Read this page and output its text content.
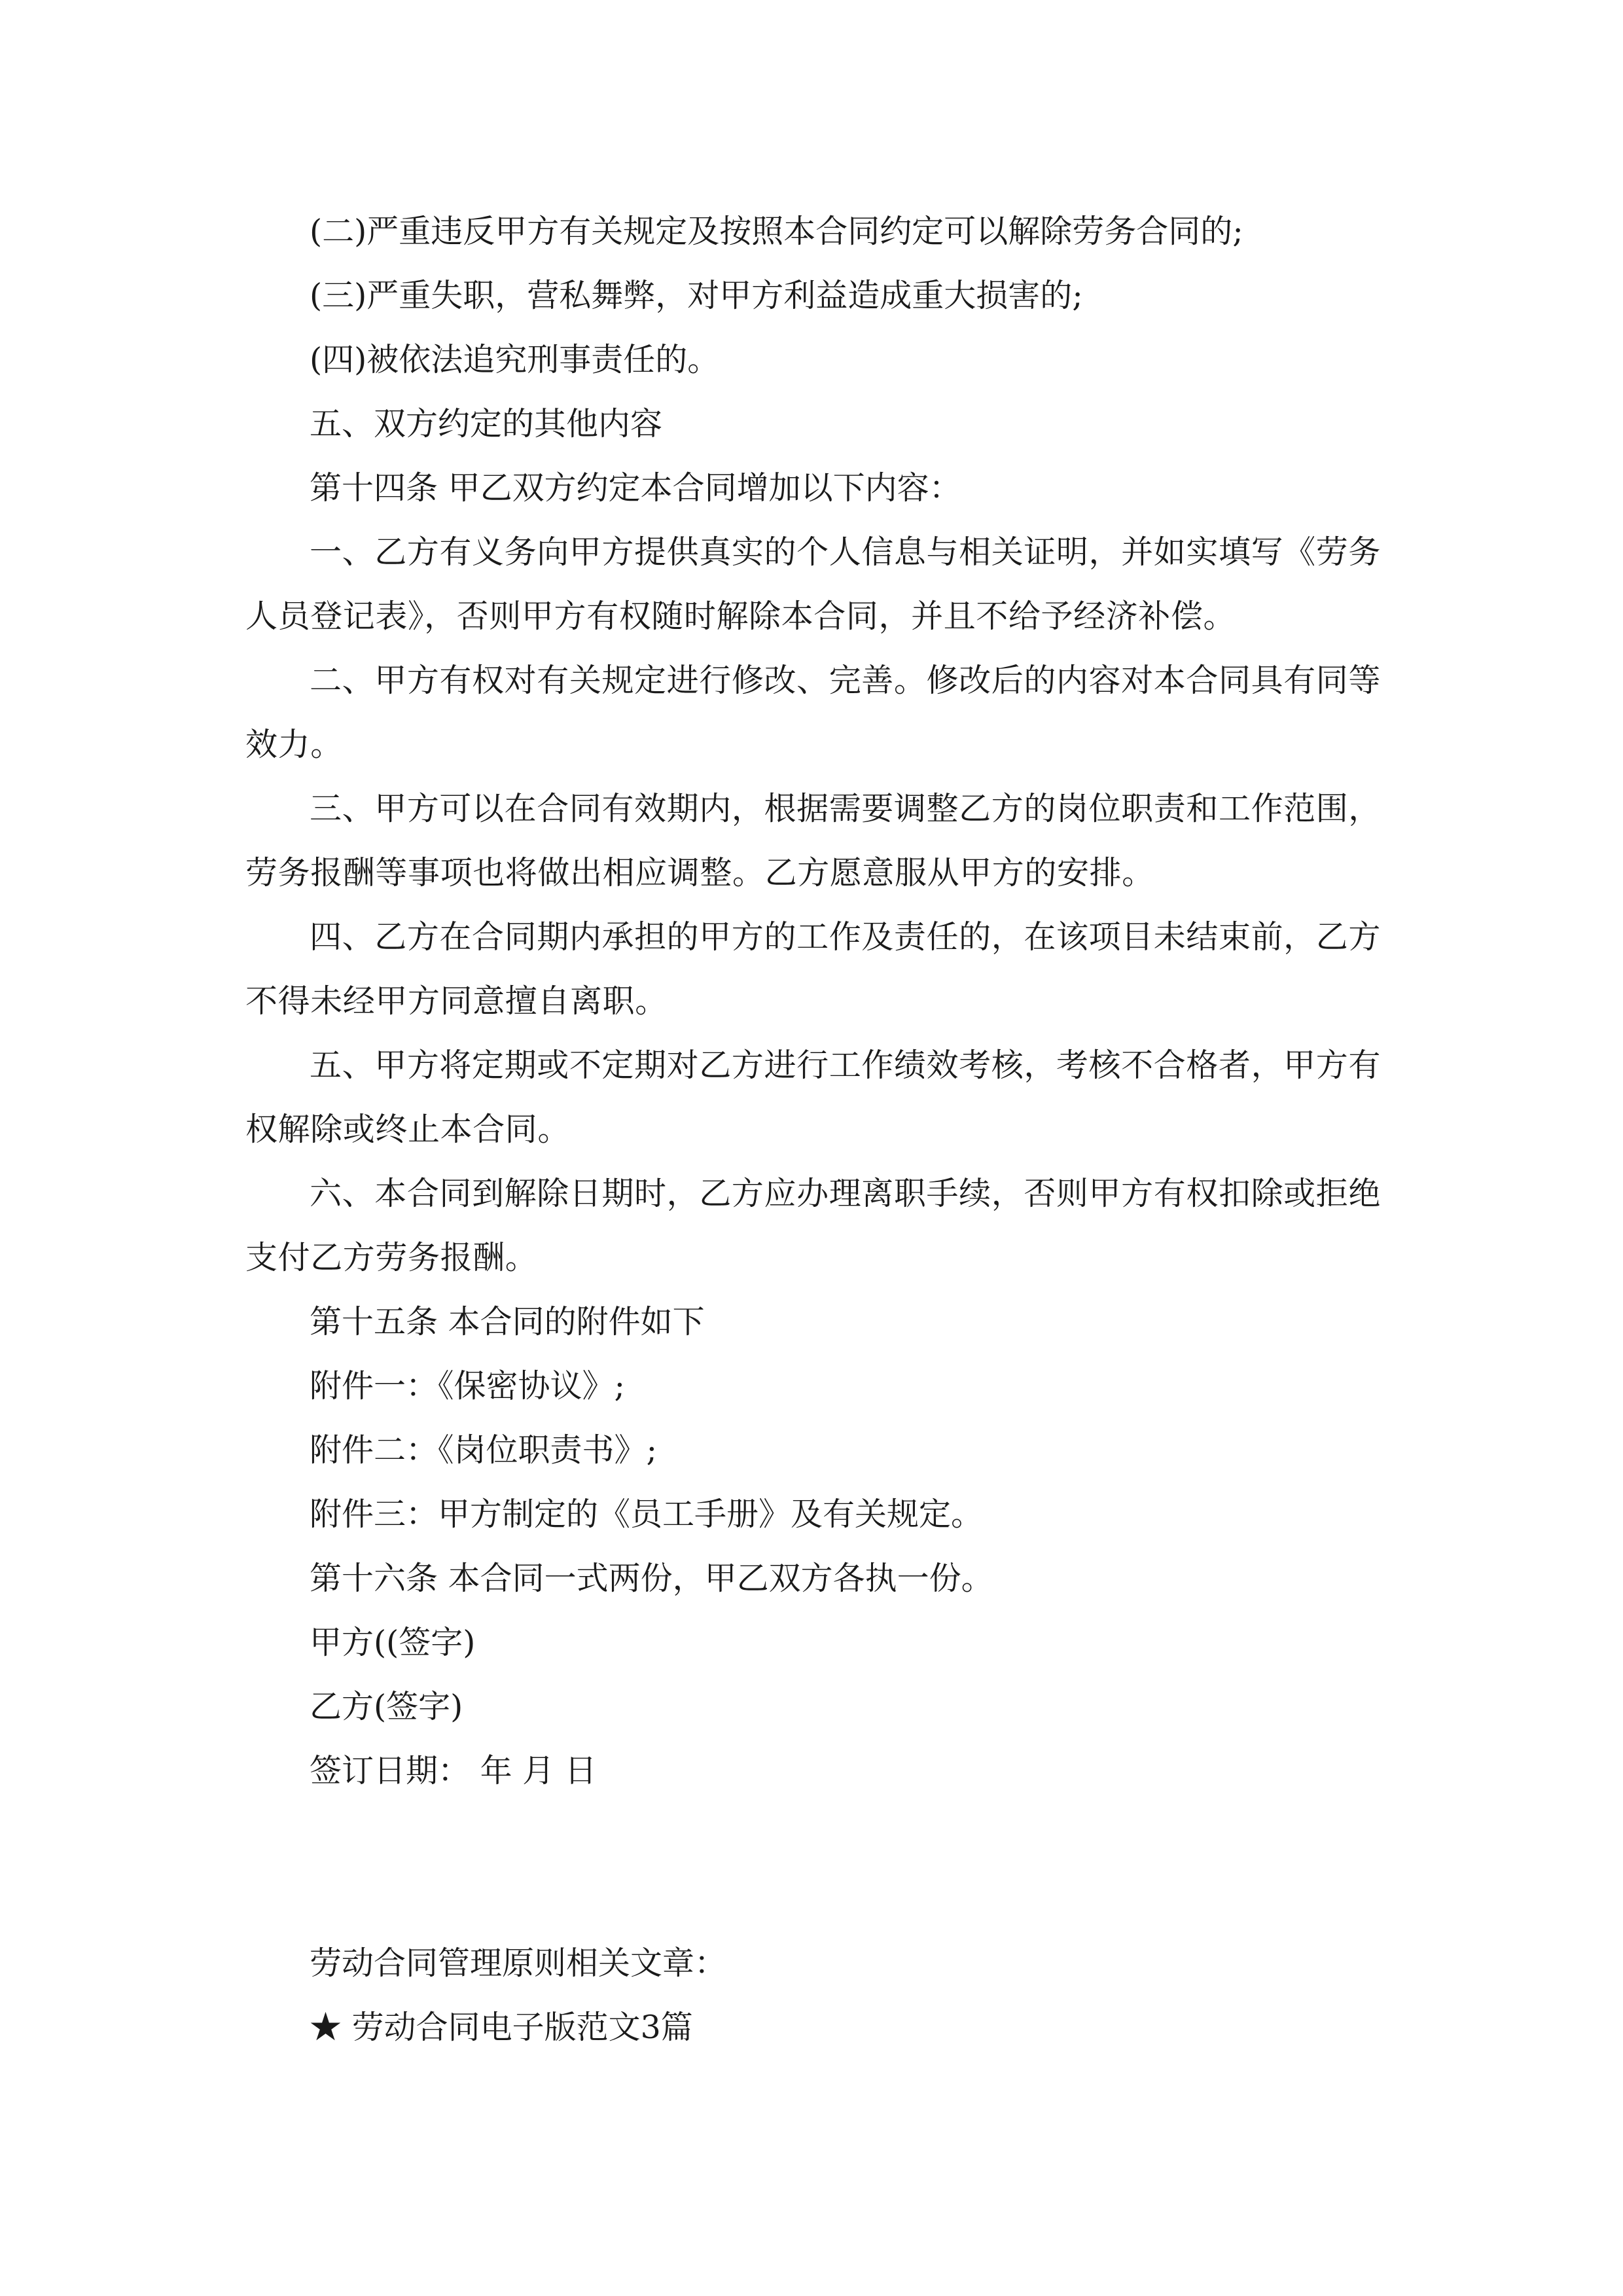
(二)严重违反甲方有关规定及按照本合同约定可以解除劳务合同的;

(三)严重失职，营私舞弊，对甲方利益造成重大损害的;

(四)被依法追究刑事责任的。

五、双方约定的其他内容

第十四条 甲乙双方约定本合同增加以下内容：

一、乙方有义务向甲方提供真实的个人信息与相关证明，并如实填写《劳务人员登记表》，否则甲方有权随时解除本合同，并且不给予经济补偿。

二、甲方有权对有关规定进行修改、完善。修改后的内容对本合同具有同等效力。

三、甲方可以在合同有效期内，根据需要调整乙方的岗位职责和工作范围，劳务报酬等事项也将做出相应调整。乙方愿意服从甲方的安排。

四、乙方在合同期内承担的甲方的工作及责任的，在该项目未结束前，乙方不得未经甲方同意擅自离职。

五、甲方将定期或不定期对乙方进行工作绩效考核，考核不合格者，甲方有权解除或终止本合同。

六、本合同到解除日期时，乙方应办理离职手续，否则甲方有权扣除或拒绝支付乙方劳务报酬。

第十五条 本合同的附件如下

附件一：《保密协议》;

附件二：《岗位职责书》;

附件三：甲方制定的《员工手册》及有关规定。

第十六条 本合同一式两份，甲乙双方各执一份。

甲方((签字)

乙方(签字)

签订日期： 年 月 日

劳动合同管理原则相关文章：

★ 劳动合同电子版范文3篇
